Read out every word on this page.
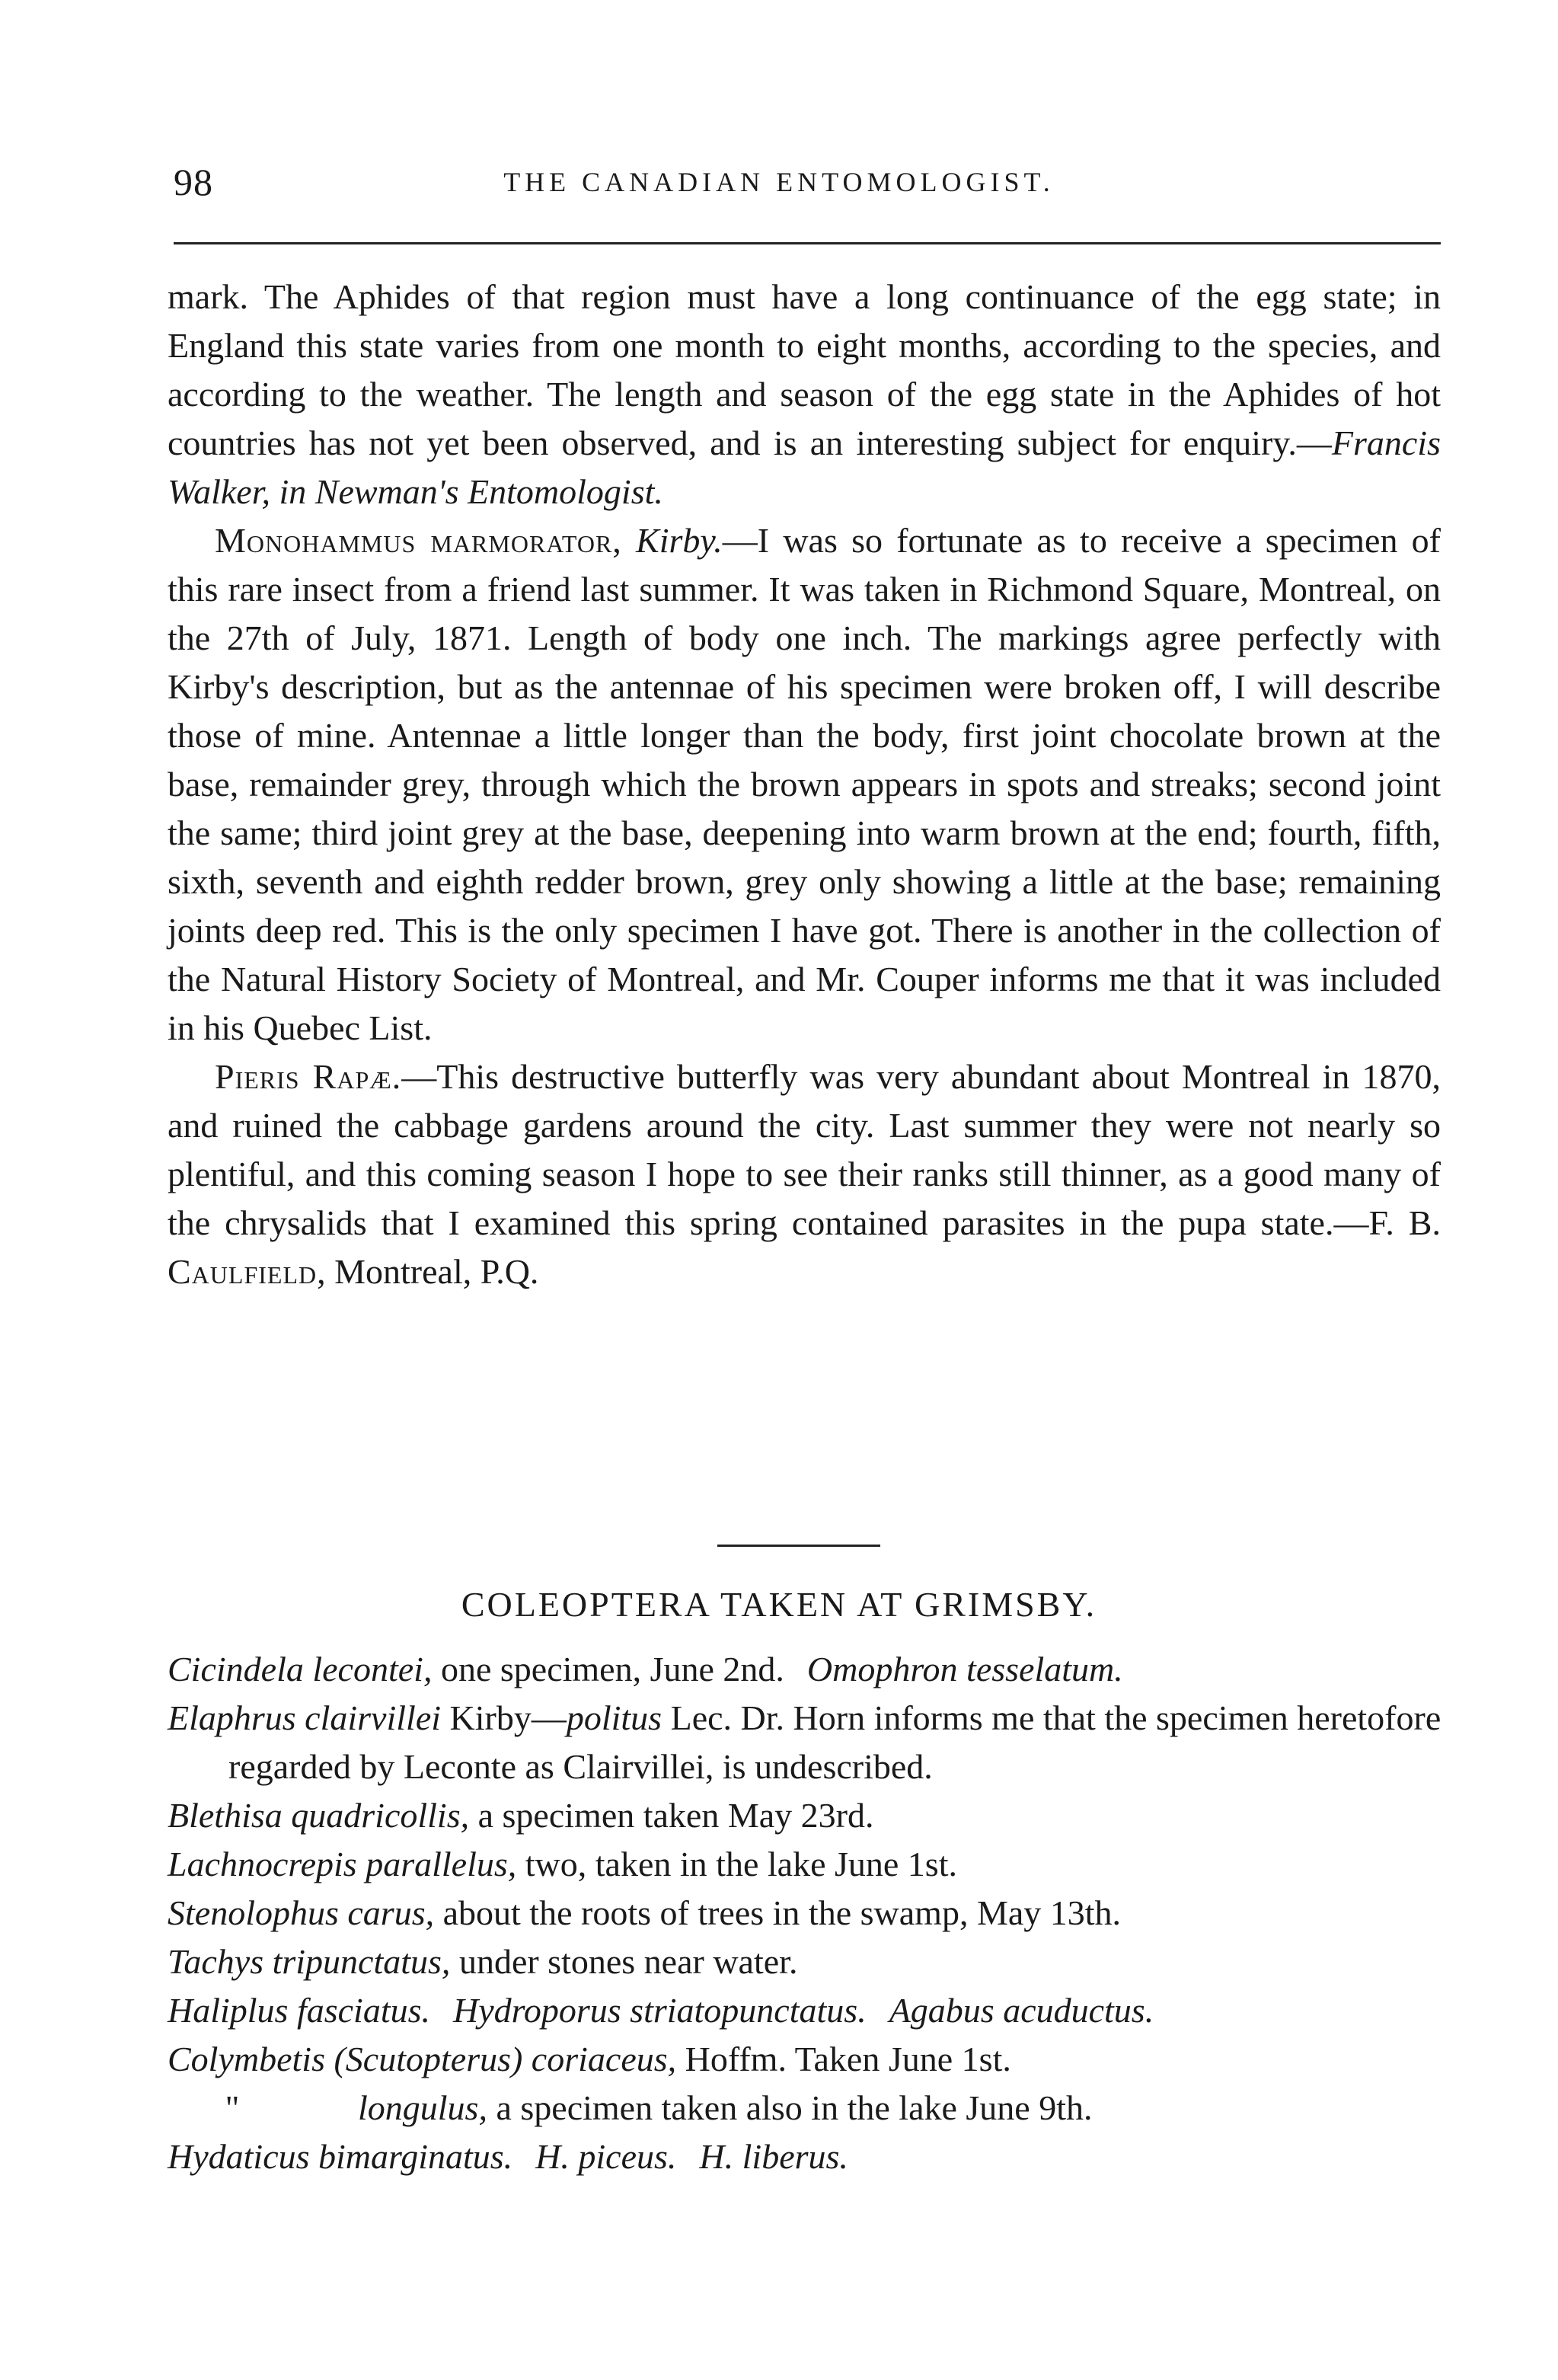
98	THE CANADIAN ENTOMOLOGIST.

mark. The Aphides of that region must have a long continuance of the egg state; in England this state varies from one month to eight months, according to the species, and according to the weather. The length and season of the egg state in the Aphides of hot countries has not yet been observed, and is an interesting subject for enquiry.—Francis Walker, in Newman's Entomologist.

Monohammus marmorator, Kirby.—I was so fortunate as to receive a specimen of this rare insect from a friend last summer. It was taken in Richmond Square, Montreal, on the 27th of July, 1871. Length of body one inch. The markings agree perfectly with Kirby's description, but as the antennae of his specimen were broken off, I will describe those of mine. Antennae a little longer than the body, first joint chocolate brown at the base, remainder grey, through which the brown appears in spots and streaks; second joint the same; third joint grey at the base, deepening into warm brown at the end; fourth, fifth, sixth, seventh and eighth redder brown, grey only showing a little at the base; remaining joints deep red. This is the only specimen I have got. There is another in the collection of the Natural History Society of Montreal, and Mr. Couper informs me that it was included in his Quebec List.

Pieris Rapæ.—This destructive butterfly was very abundant about Montreal in 1870, and ruined the cabbage gardens around the city. Last summer they were not nearly so plentiful, and this coming season I hope to see their ranks still thinner, as a good many of the chrysalids that I examined this spring contained parasites in the pupa state.—F. B. Caulfield, Montreal, P.Q.

COLEOPTERA TAKEN AT GRIMSBY.

Cicindela lecontei, one specimen, June 2nd. Omophron tesselatum.

Elaphrus clairvillei Kirby—politus Lec. Dr. Horn informs me that the specimen heretofore regarded by Leconte as Clairvillei, is undescribed.

Blethisa quadricollis, a specimen taken May 23rd.

Lachnocrepis parallelus, two, taken in the lake June 1st.

Stenolophus carus, about the roots of trees in the swamp, May 13th.

Tachys tripunctatus, under stones near water.

Haliplus fasciatus. Hydroporus striatopunctatus. Agabus acuductus.

Colymbetis (Scutopterus) coriaceus, Hoffm. Taken June 1st.

"	longulus, a specimen taken also in the lake June 9th.

Hydaticus bimarginatus. H. piceus. H. liberus.
